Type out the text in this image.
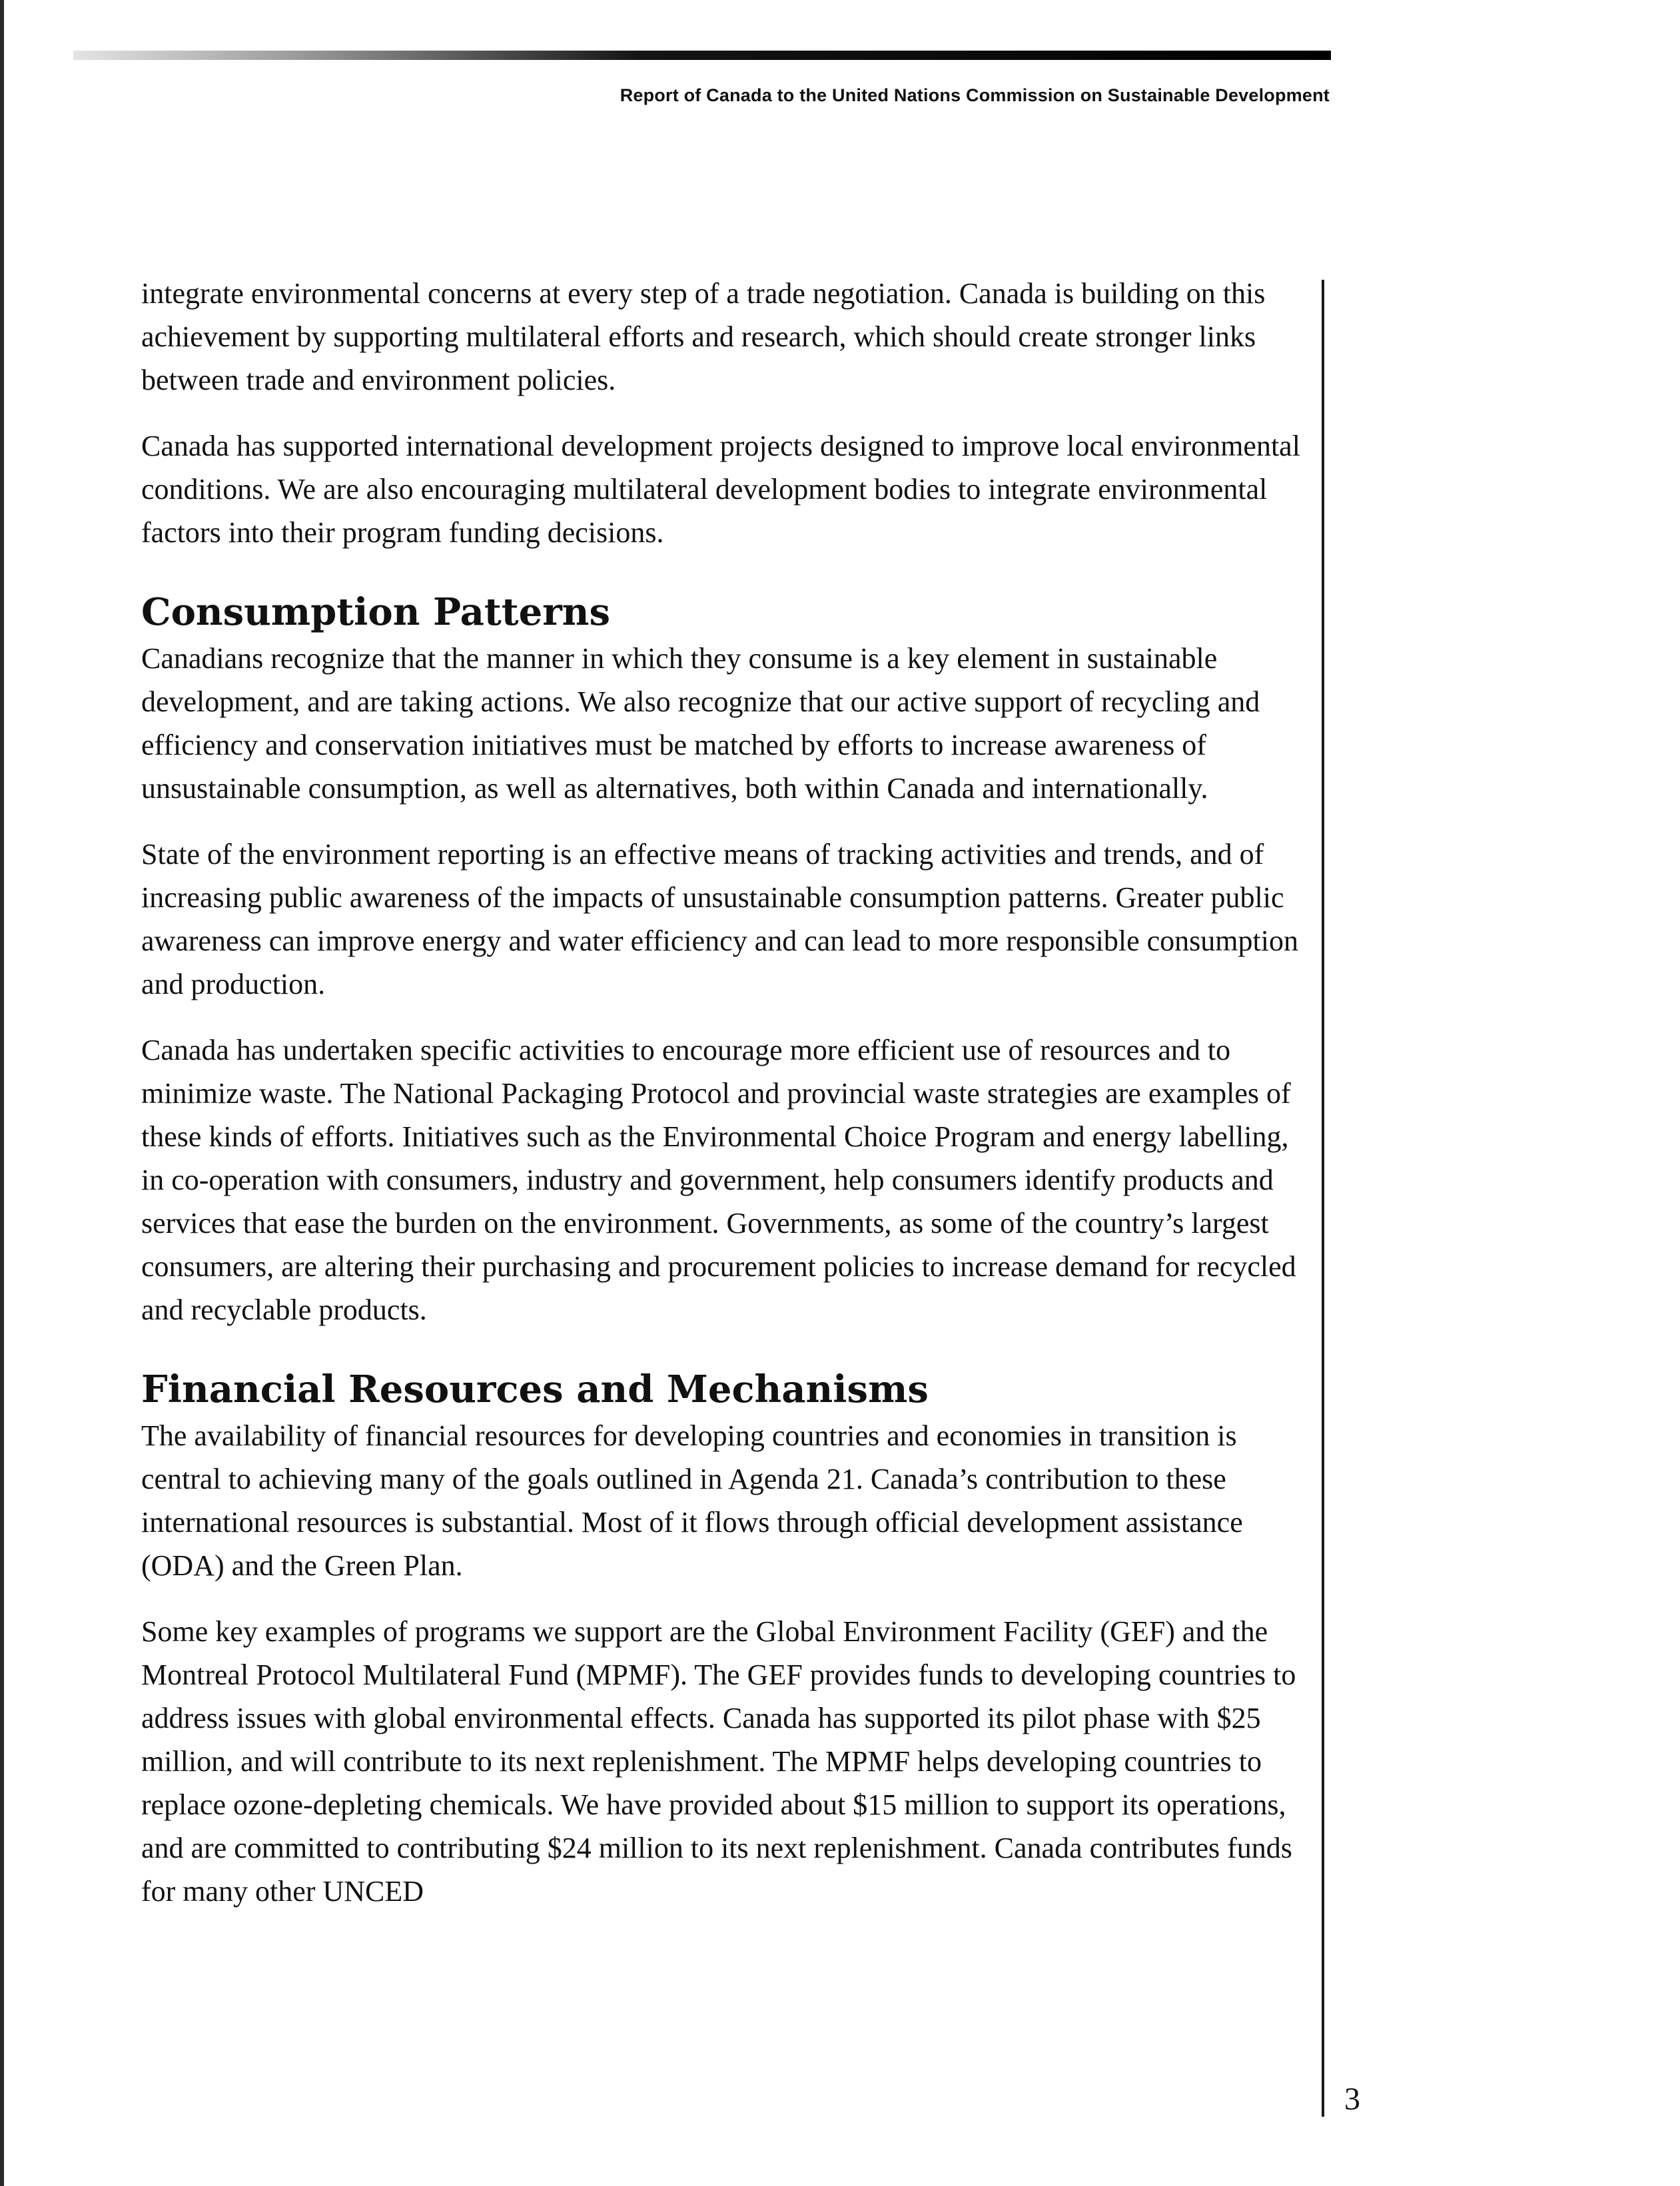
Report of Canada to the United Nations Commission on Sustainable Development

integrate environmental concerns at every step of a trade negotiation. Canada is building on this achievement by supporting multilateral efforts and research, which should create stronger links between trade and environment policies.

Canada has supported international development projects designed to improve local environmental conditions. We are also encouraging multilateral development bodies to integrate environmental factors into their program funding decisions.

Consumption Patterns

Canadians recognize that the manner in which they consume is a key element in sustainable development, and are taking actions. We also recognize that our active support of recycling and efficiency and conservation initiatives must be matched by efforts to increase awareness of unsustainable consumption, as well as alternatives, both within Canada and internationally.

State of the environment reporting is an effective means of tracking activities and trends, and of increasing public awareness of the impacts of unsustainable consumption patterns. Greater public awareness can improve energy and water efficiency and can lead to more responsible consumption and production.

Canada has undertaken specific activities to encourage more efficient use of resources and to minimize waste. The National Packaging Protocol and provincial waste strategies are examples of these kinds of efforts. Initiatives such as the Environmental Choice Program and energy labelling, in co-operation with consumers, industry and government, help consumers identify products and services that ease the burden on the environment. Governments, as some of the country’s largest consumers, are altering their purchasing and procurement policies to increase demand for recycled and recyclable products.

Financial Resources and Mechanisms

The availability of financial resources for developing countries and economies in transition is central to achieving many of the goals outlined in Agenda 21. Canada’s contribution to these international resources is substantial. Most of it flows through official development assistance (ODA) and the Green Plan.

Some key examples of programs we support are the Global Environment Facility (GEF) and the Montreal Protocol Multilateral Fund (MPMF). The GEF provides funds to developing countries to address issues with global environmental effects. Canada has supported its pilot phase with $25 million, and will contribute to its next replenishment. The MPMF helps developing countries to replace ozone-depleting chemicals. We have provided about $15 million to support its operations, and are committed to contributing $24 million to its next replenishment. Canada contributes funds for many other UNCED

3
